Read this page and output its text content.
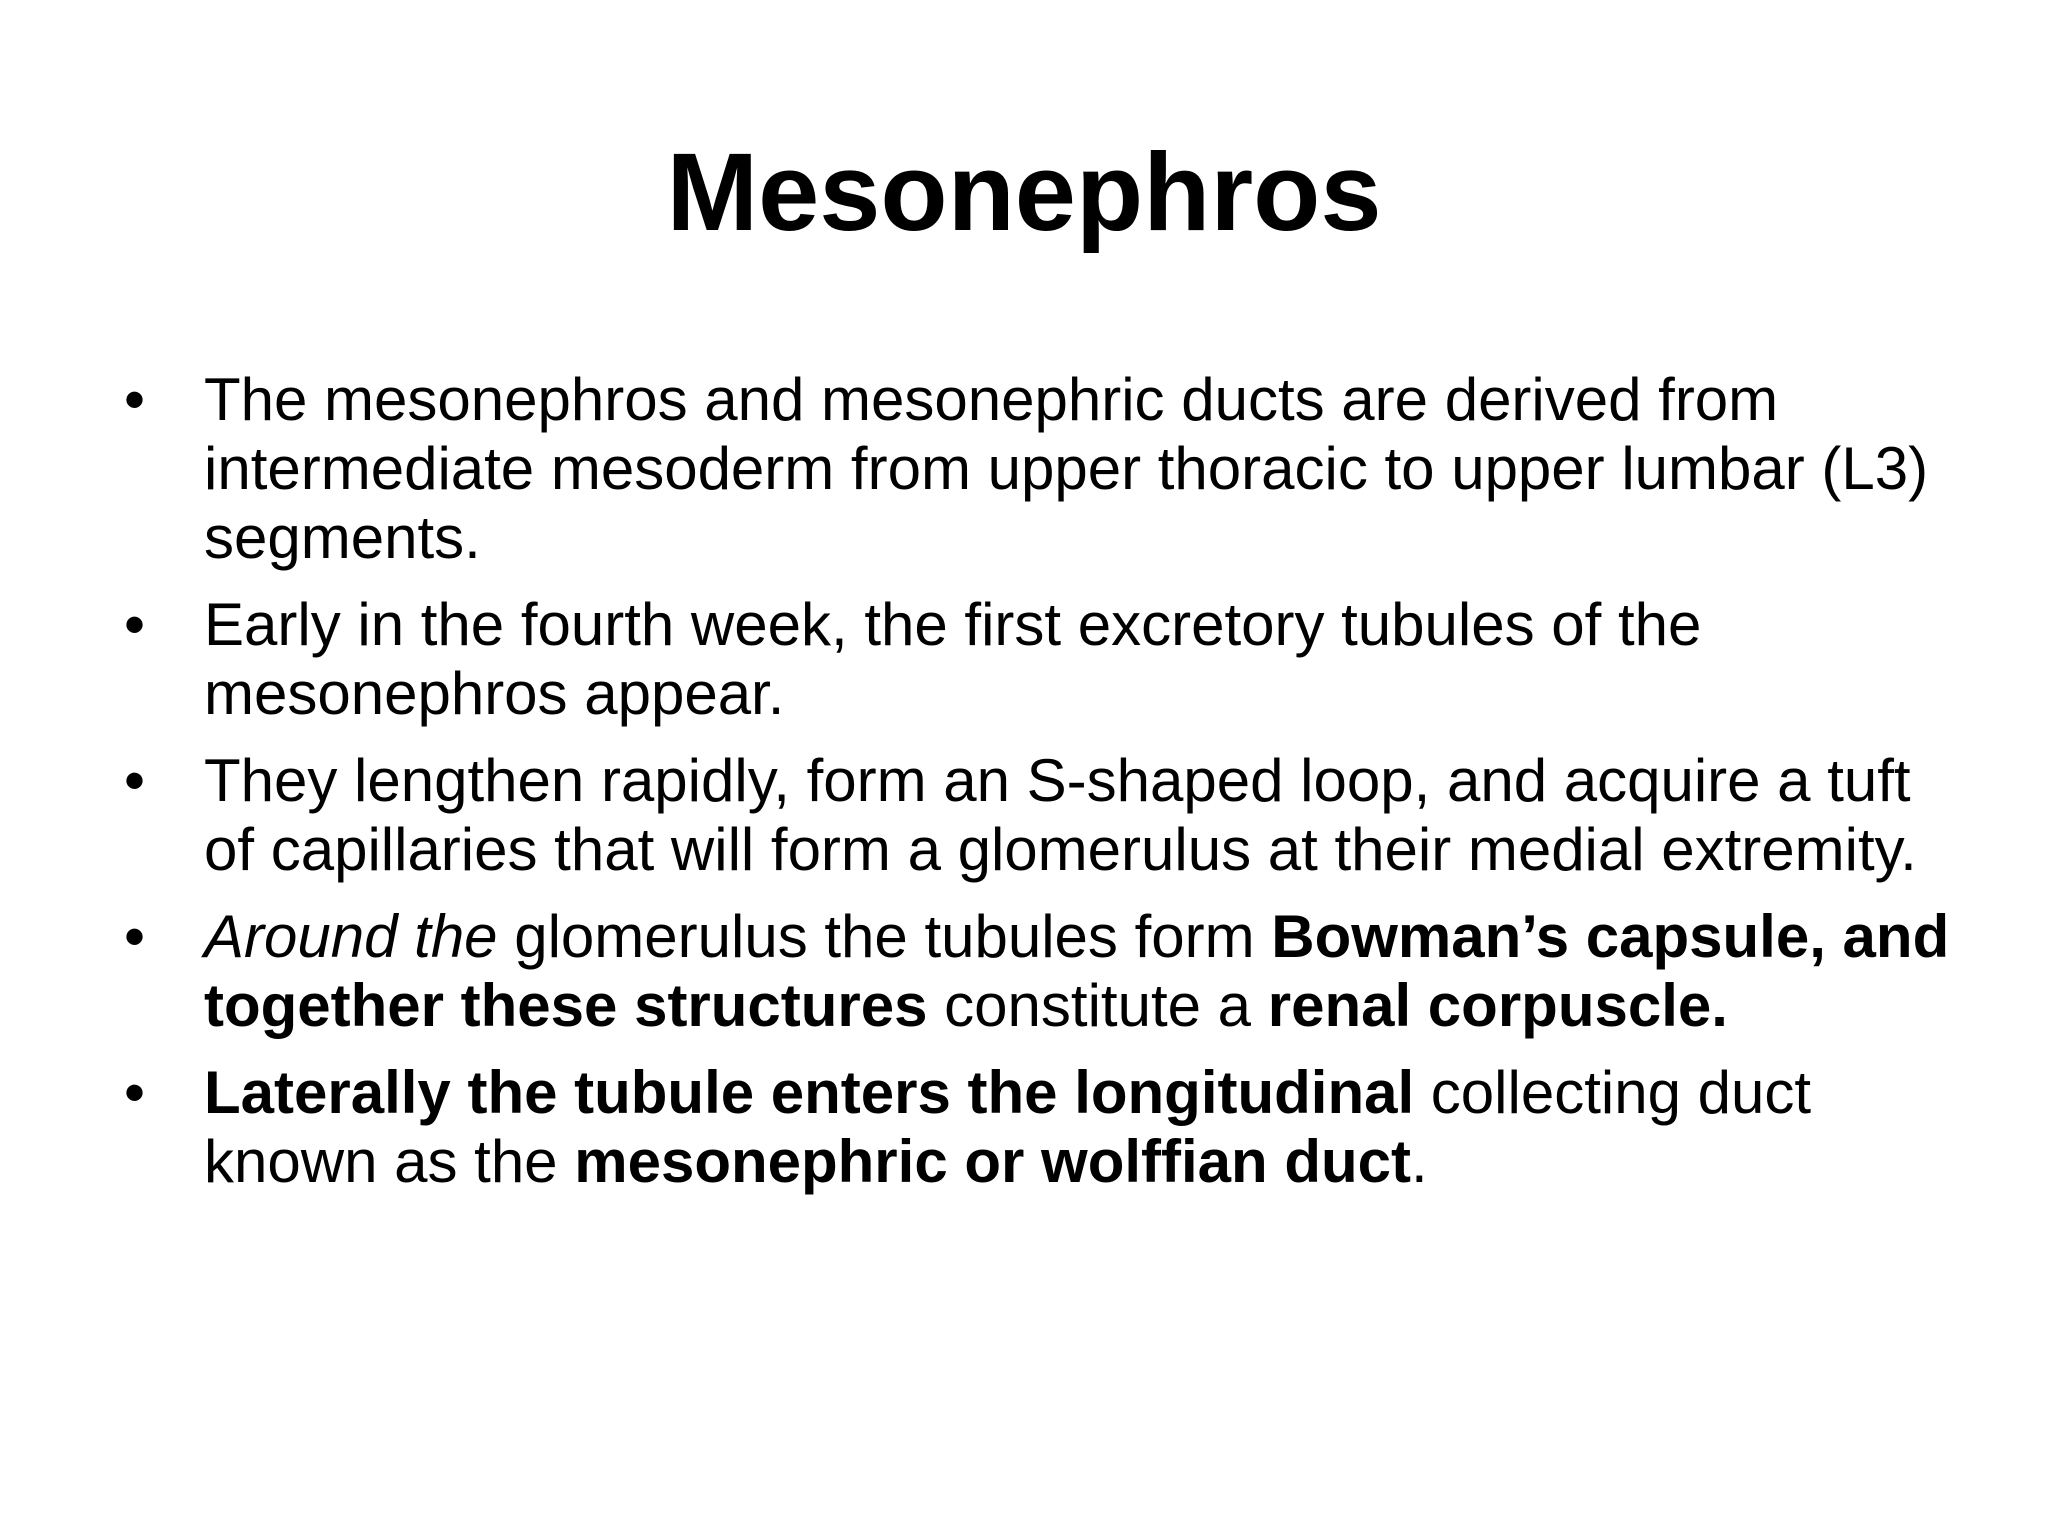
Mesonephros
• The mesonephros and mesonephric ducts are derived from intermediate mesoderm from upper thoracic to upper lumbar (L3) segments.
• Early in the fourth week, the first excretory tubules of the mesonephros appear.
• They lengthen rapidly, form an S-shaped loop, and acquire a tuft of capillaries that will form a glomerulus at their medial extremity.
• Around the glomerulus the tubules form Bowman’s capsule, and together these structures constitute a renal corpuscle.
• Laterally the tubule enters the longitudinal collecting duct known as the mesonephric or wolffian duct.
